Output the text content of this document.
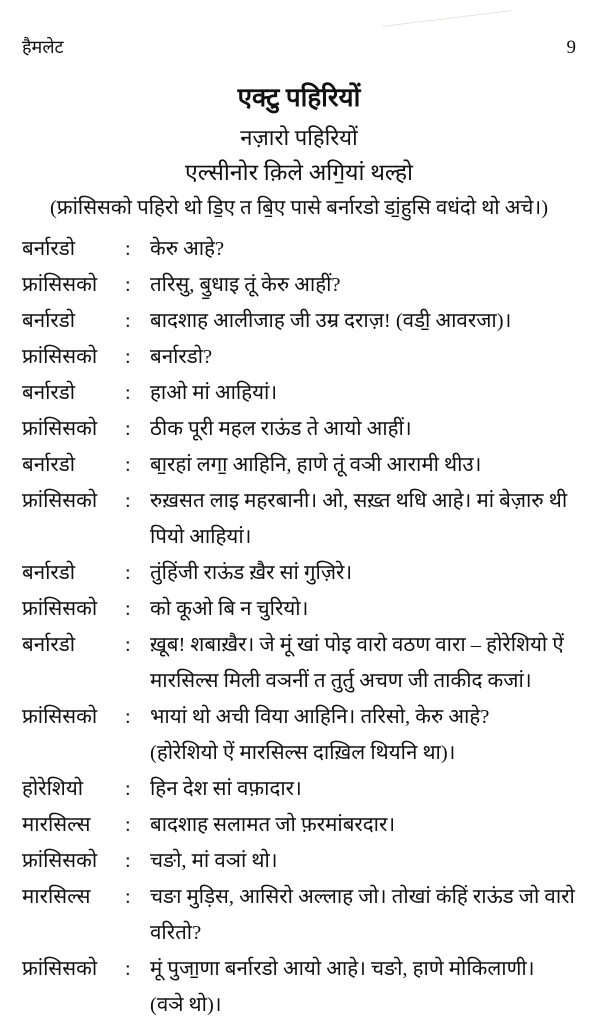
हैमलेट	9
एक्टु पहिरियों
नज़ारो पहिरियों
एल्सीनोर क़िले अगि॒यां थल्हो
(फ्रांसिसको पहिरो थो डि॒ए त बि॒ए पासे बर्नारडो डां॒हुसि वधंदो थो अचे।)
बर्नारडो	: केरु आहे?
फ्रांसिसको	: तरिसु, बु॒धाइ तूं केरु आहीं?
बर्नारडो	: बादशाह आलीजाह जी उम्र दराज़! (वडी॒ आवरजा)।
फ्रांसिसको	: बर्नारडो?
बर्नारडो	: हाओ मां आहियां।
फ्रांसिसको	: ठीक पूरी महल राऊंड ते आयो आहीं।
बर्नारडो	: बा॒रहां लगा॒ आहिनि, हाणे तूं वञी आरामी थीउ।
फ्रांसिसको	: रुख़सत लाइ महरबानी। ओ, सख़्त थधि आहे। मां बेज़ारु थी पियो आहियां।
बर्नारडो	: तुंहिंजी राऊंड ख़ैर सां गुज़िरे।
फ्रांसिसको	: को कूओ बि न चुरियो।
बर्नारडो	: ख़ूब! शबाख़ैर। जे मूं खां पोइ वारो वठण वारा – होरेशियो ऐं मारसिल्स मिली वञनीं त तुर्तु अचण जी ताकीद कजां।
फ्रांसिसको	: भायां थो अची विया आहिनि। तरिसो, केरु आहे?
(होरेशियो ऐं मारसिल्स दाख़िल थियनि था)।
होरेशियो	: हिन देश सां वफ़ादार।
मारसिल्स	: बादशाह सलामत जो फ़रमांबरदार।
फ्रांसिसको	: चङो, मां वञां थो।
मारसिल्स	: चङा मुड़िस, आसिरो अल्लाह जो। तोखां कंहिं राऊंड जो वारो वरितो?
फ्रांसिसको	: मूं पुजा॒णा बर्नारडो आयो आहे। चङो, हाणे मोकिलाणी।
(वञे थो)।
